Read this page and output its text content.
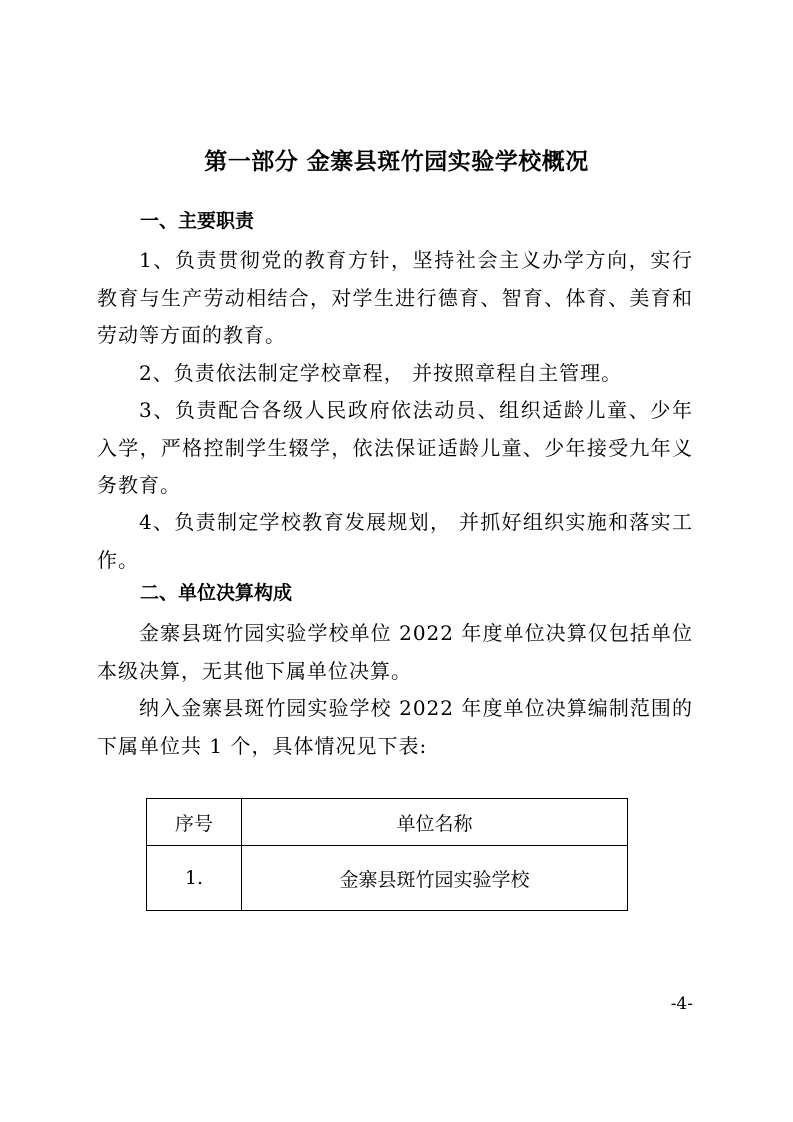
第一部分 金寨县斑竹园实验学校概况
一、主要职责
1、负责贯彻党的教育方针，坚持社会主义办学方向，实行教育与生产劳动相结合，对学生进行德育、智育、体育、美育和劳动等方面的教育。
2、负责依法制定学校章程， 并按照章程自主管理。
3、负责配合各级人民政府依法动员、组织适龄儿童、少年入学，严格控制学生辍学，依法保证适龄儿童、少年接受九年义务教育。
4、负责制定学校教育发展规划， 并抓好组织实施和落实工作。
二、单位决算构成
金寨县斑竹园实验学校单位 2022 年度单位决算仅包括单位本级决算，无其他下属单位决算。
纳入金寨县斑竹园实验学校 2022 年度单位决算编制范围的下属单位共 1 个，具体情况见下表:
序号	单位名称
1.	金寨县斑竹园实验学校
-4-
